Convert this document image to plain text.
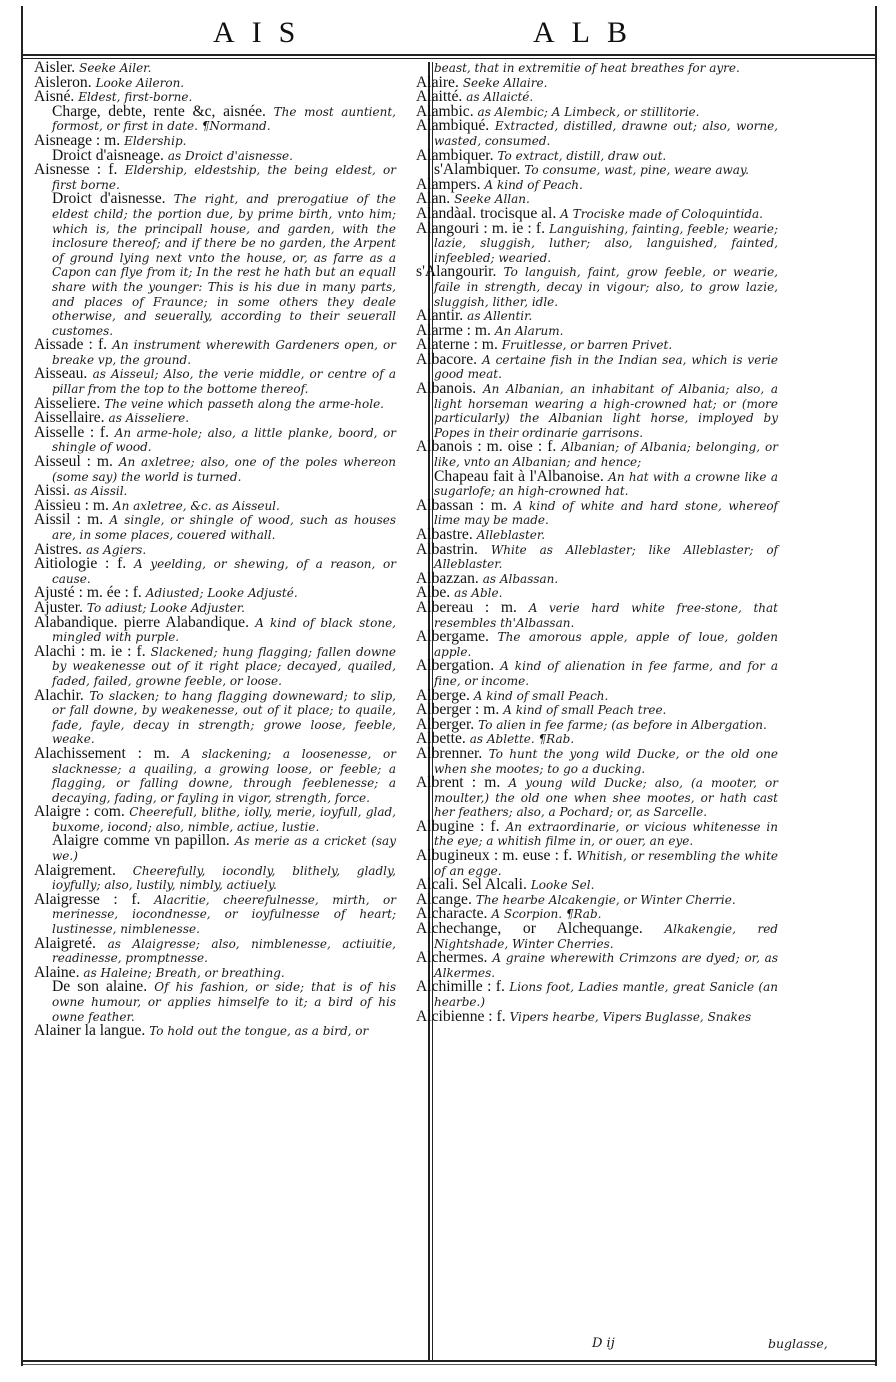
AIS	ALB

Aisler. Seeke Ailer.

Aisleron. Looke Aileron.

Aisné. Eldest, first-borne.

Charge, debte, rente &c, aisnée. The most auntient, formost, or first in date. ¶Normand.

Aisneage : m. Eldership.

Droict d'aisneage. as Droict d'aisnesse.

Aisnesse : f. Eldership, eldestship, the being eldest, or first borne.

Droict d'aisnesse. The right, and prerogatiue of the eldest child; the portion due, by prime birth, vnto him; which is, the principall house, and garden, with the inclosure thereof; and if there be no garden, the Arpent of ground lying next vnto the house, or, as farre as a Capon can flye from it; In the rest he hath but an equall share with the younger: This is his due in many parts, and places of Fraunce; in some others they deale otherwise, and seuerally, according to their seuerall customes.

Aissade : f. An instrument wherewith Gardeners open, or breake vp, the ground.

Aisseau. as Aisseul; Also, the verie middle, or centre of a pillar from the top to the bottome thereof.

Aisseliere. The veine which passeth along the arme-hole.

Aissellaire. as Aisseliere.

Aisselle : f. An arme-hole; also, a little planke, boord, or shingle of wood.

Aisseul : m. An axletree; also, one of the poles whereon (some say) the world is turned.

Aissi. as Aissil.

Aissieu : m. An axletree, &c. as Aisseul.

Aissil : m. A single, or shingle of wood, such as houses are, in some places, couered withall.

Aistres. as Agiers.

Aitiologie : f. A yeelding, or shewing, of a reason, or cause.

Ajusté : m. ée : f. Adiusted; Looke Adjusté.

Ajuster. To adiust; Looke Adjuster.

Alabandique. pierre Alabandique. A kind of black stone, mingled with purple.

Alachi : m. ie : f. Slackened; hung flagging; fallen downe by weakenesse out of it right place; decayed, quailed, faded, failed, growne feeble, or loose.

Alachir. To slacken; to hang flagging downeward; to slip, or fall downe, by weakenesse, out of it place; to quaile, fade, fayle, decay in strength; growe loose, feeble, weake.

Alachissement : m. A slackening; a loosenesse, or slacknesse; a quailing, a growing loose, or feeble; a flagging, or falling downe, through feeblenesse; a decaying, fading, or fayling in vigor, strength, force.

Alaigre : com. Cheerefull, blithe, iolly, merie, ioyfull, glad, buxome, iocond; also, nimble, actiue, lustie.

Alaigre comme vn papillon. As merie as a cricket (say we.)

Alaigrement. Cheerefully, iocondly, blithely, gladly, ioyfully; also, lustily, nimbly, actiuely.

Alaigresse : f. Alacritie, cheerefulnesse, mirth, or merinesse, iocondnesse, or ioyfulnesse of heart; lustinesse, nimblenesse.

Alaigreté. as Alaigresse; also, nimblenesse, actiuitie, readinesse, promptnesse.

Alaine. as Haleine; Breath, or breathing.

De son alaine. Of his fashion, or side; that is of his owne humour, or applies himselfe to it; a bird of his owne feather.

Alainer la langue. To hold out the tongue, as a bird, or

beast, that in extremitie of heat breathes for ayre.

Alaire. Seeke Allaire.

Alaitté. as Allaicté.

Alambic. as Alembic; A Limbeck, or stillitorie.

Alambiqué. Extracted, distilled, drawne out; also, worne, wasted, consumed.

Alambiquer. To extract, distill, draw out.

s'Alambiquer. To consume, wast, pine, weare away.

Alampers. A kind of Peach.

Alan. Seeke Allan.

Alandàal. trocisque al. A Trociske made of Coloquintida.

Alangouri : m. ie : f. Languishing, fainting, feeble; wearie; lazie, sluggish, luther; also, languished, fainted, infeebled; wearied.

s'Alangourir. To languish, faint, grow feeble, or wearie, faile in strength, decay in vigour; also, to grow lazie, sluggish, lither, idle.

Alantir. as Allentir.

Alarme : m. An Alarum.

Alaterne : m. Fruitlesse, or barren Privet.

Albacore. A certaine fish in the Indian sea, which is verie good meat.

Albanois. An Albanian, an inhabitant of Albania; also, a light horseman wearing a high-crowned hat; or (more particularly) the Albanian light horse, imployed by Popes in their ordinarie garrisons.

Albanois : m. oise : f. Albanian; of Albania; belonging, or like, vnto an Albanian; and hence;

Chapeau fait à l'Albanoise. An hat with a crowne like a sugarlofe; an high-crowned hat.

Albassan : m. A kind of white and hard stone, whereof lime may be made.

Albastre. Alleblaster.

Albastrin. White as Alleblaster; like Alleblaster; of Alleblaster.

Albazzan. as Albassan.

Albe. as Able.

Albereau : m. A verie hard white free-stone, that resembles th'Albassan.

Albergame. The amorous apple, apple of loue, golden apple.

Albergation. A kind of alienation in fee farme, and for a fine, or income.

Alberge. A kind of small Peach.

Alberger : m. A kind of small Peach tree.

Alberger. To alien in fee farme; (as before in Albergation.

Albette. as Ablette. ¶Rab.

Albrenner. To hunt the yong wild Ducke, or the old one when she mootes; to go a ducking.

Albrent : m. A young wild Ducke; also, (a mooter, or moulter,) the old one when shee mootes, or hath cast her feathers; also, a Pochard; or, as Sarcelle.

Albugine : f. An extraordinarie, or vicious whitenesse in the eye; a whitish filme in, or ouer, an eye.

Albugineux : m. euse : f. Whitish, or resembling the white of an egge.

Alcali. Sel Alcali. Looke Sel.

Alcange. The hearbe Alcakengie, or Winter Cherrie.

Alcharacte. A Scorpion. ¶Rab.

Alchechange, or Alchequange. Alkakengie, red Nightshade, Winter Cherries.

Alchermes. A graine wherewith Crimzons are dyed; or, as Alkermes.

Alchimille : f. Lions foot, Ladies mantle, great Sanicle (an hearbe.)

Alcibienne : f. Vipers hearbe, Vipers Buglasse, Snakes

D ij	buglasse,
